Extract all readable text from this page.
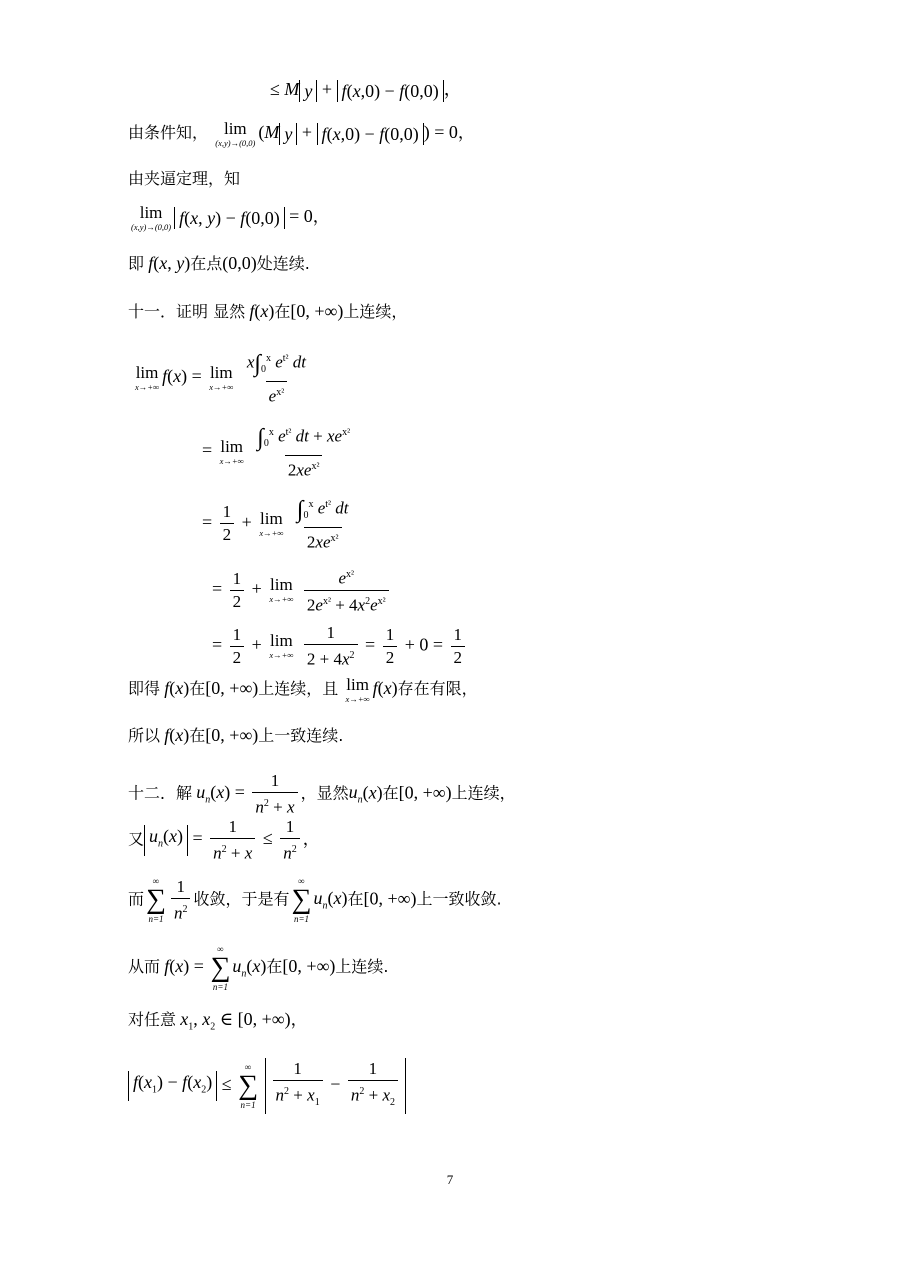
≤ M y + f(x,0) − f(0,0) ，
由条件知， lim
(x,y)→(0,0)
(M y + f(x,0) − f(0,0) ) = 0，
由夹逼定理，知
lim
(x,y)→(0,0) f(x, y) − f(0,0) = 0，
即 f(x, y)在点(0,0)处连续.
十一．证明 显然 f(x)在[0, +∞)上连续，
lim
x→+∞
f(x) = lim
x→+∞
$\frac{x\int_0^x e^{t^2} dt}{e^{x^2}}$
= lim
x→+∞
$\frac{\int_0^x e^{t^2} dt + xe^{x^2}}{2xe^{x^2}}$
= $\frac{1}{2} + \lim$
x→+∞
$\frac{\int_0^x e^{t^2} dt}{2xe^{x^2}}$
= $\frac{1}{2} + \lim$
x→+∞
$\frac{e^{x^2}}{2e^{x^2} + 4x^2e^{x^2}}$
= $\frac{1}{2} + \lim$
x→+∞
$\frac{1}{2 + 4x^2} = \frac{1}{2} + 0 = \frac{1}{2}$
即得 f(x)在[0, +∞)上连续，且 lim
x→+∞
f(x)存在有限，
所以 f(x)在[0, +∞)上一致连续.
十二．解 $u_n(x) = \frac{1}{n^2 + x}$ ，显然$u_n(x)$在[0, +∞)上连续，
又 $u_n(x) = \frac{1}{n^2 + x} \le \frac{1}{n^2}$ ，
而
∞
∑
$n=1 \frac{1}{n^2}$ 收敛，于是有
∞
∑
n=1
$u_n(x)$在[0, +∞)上一致收敛.
从而 f(x) =
∞
∑
n=1
$u_n(x)$在[0, +∞)上连续.
对任意 $x_1$, $x_2$ ∈ [0, +∞)，
$f(x_1) - f(x_2)$ ≤
∞
∑
n=1
$\frac{1}{n^2 + x_1} - \frac{1}{n^2 + x_2}$
7
